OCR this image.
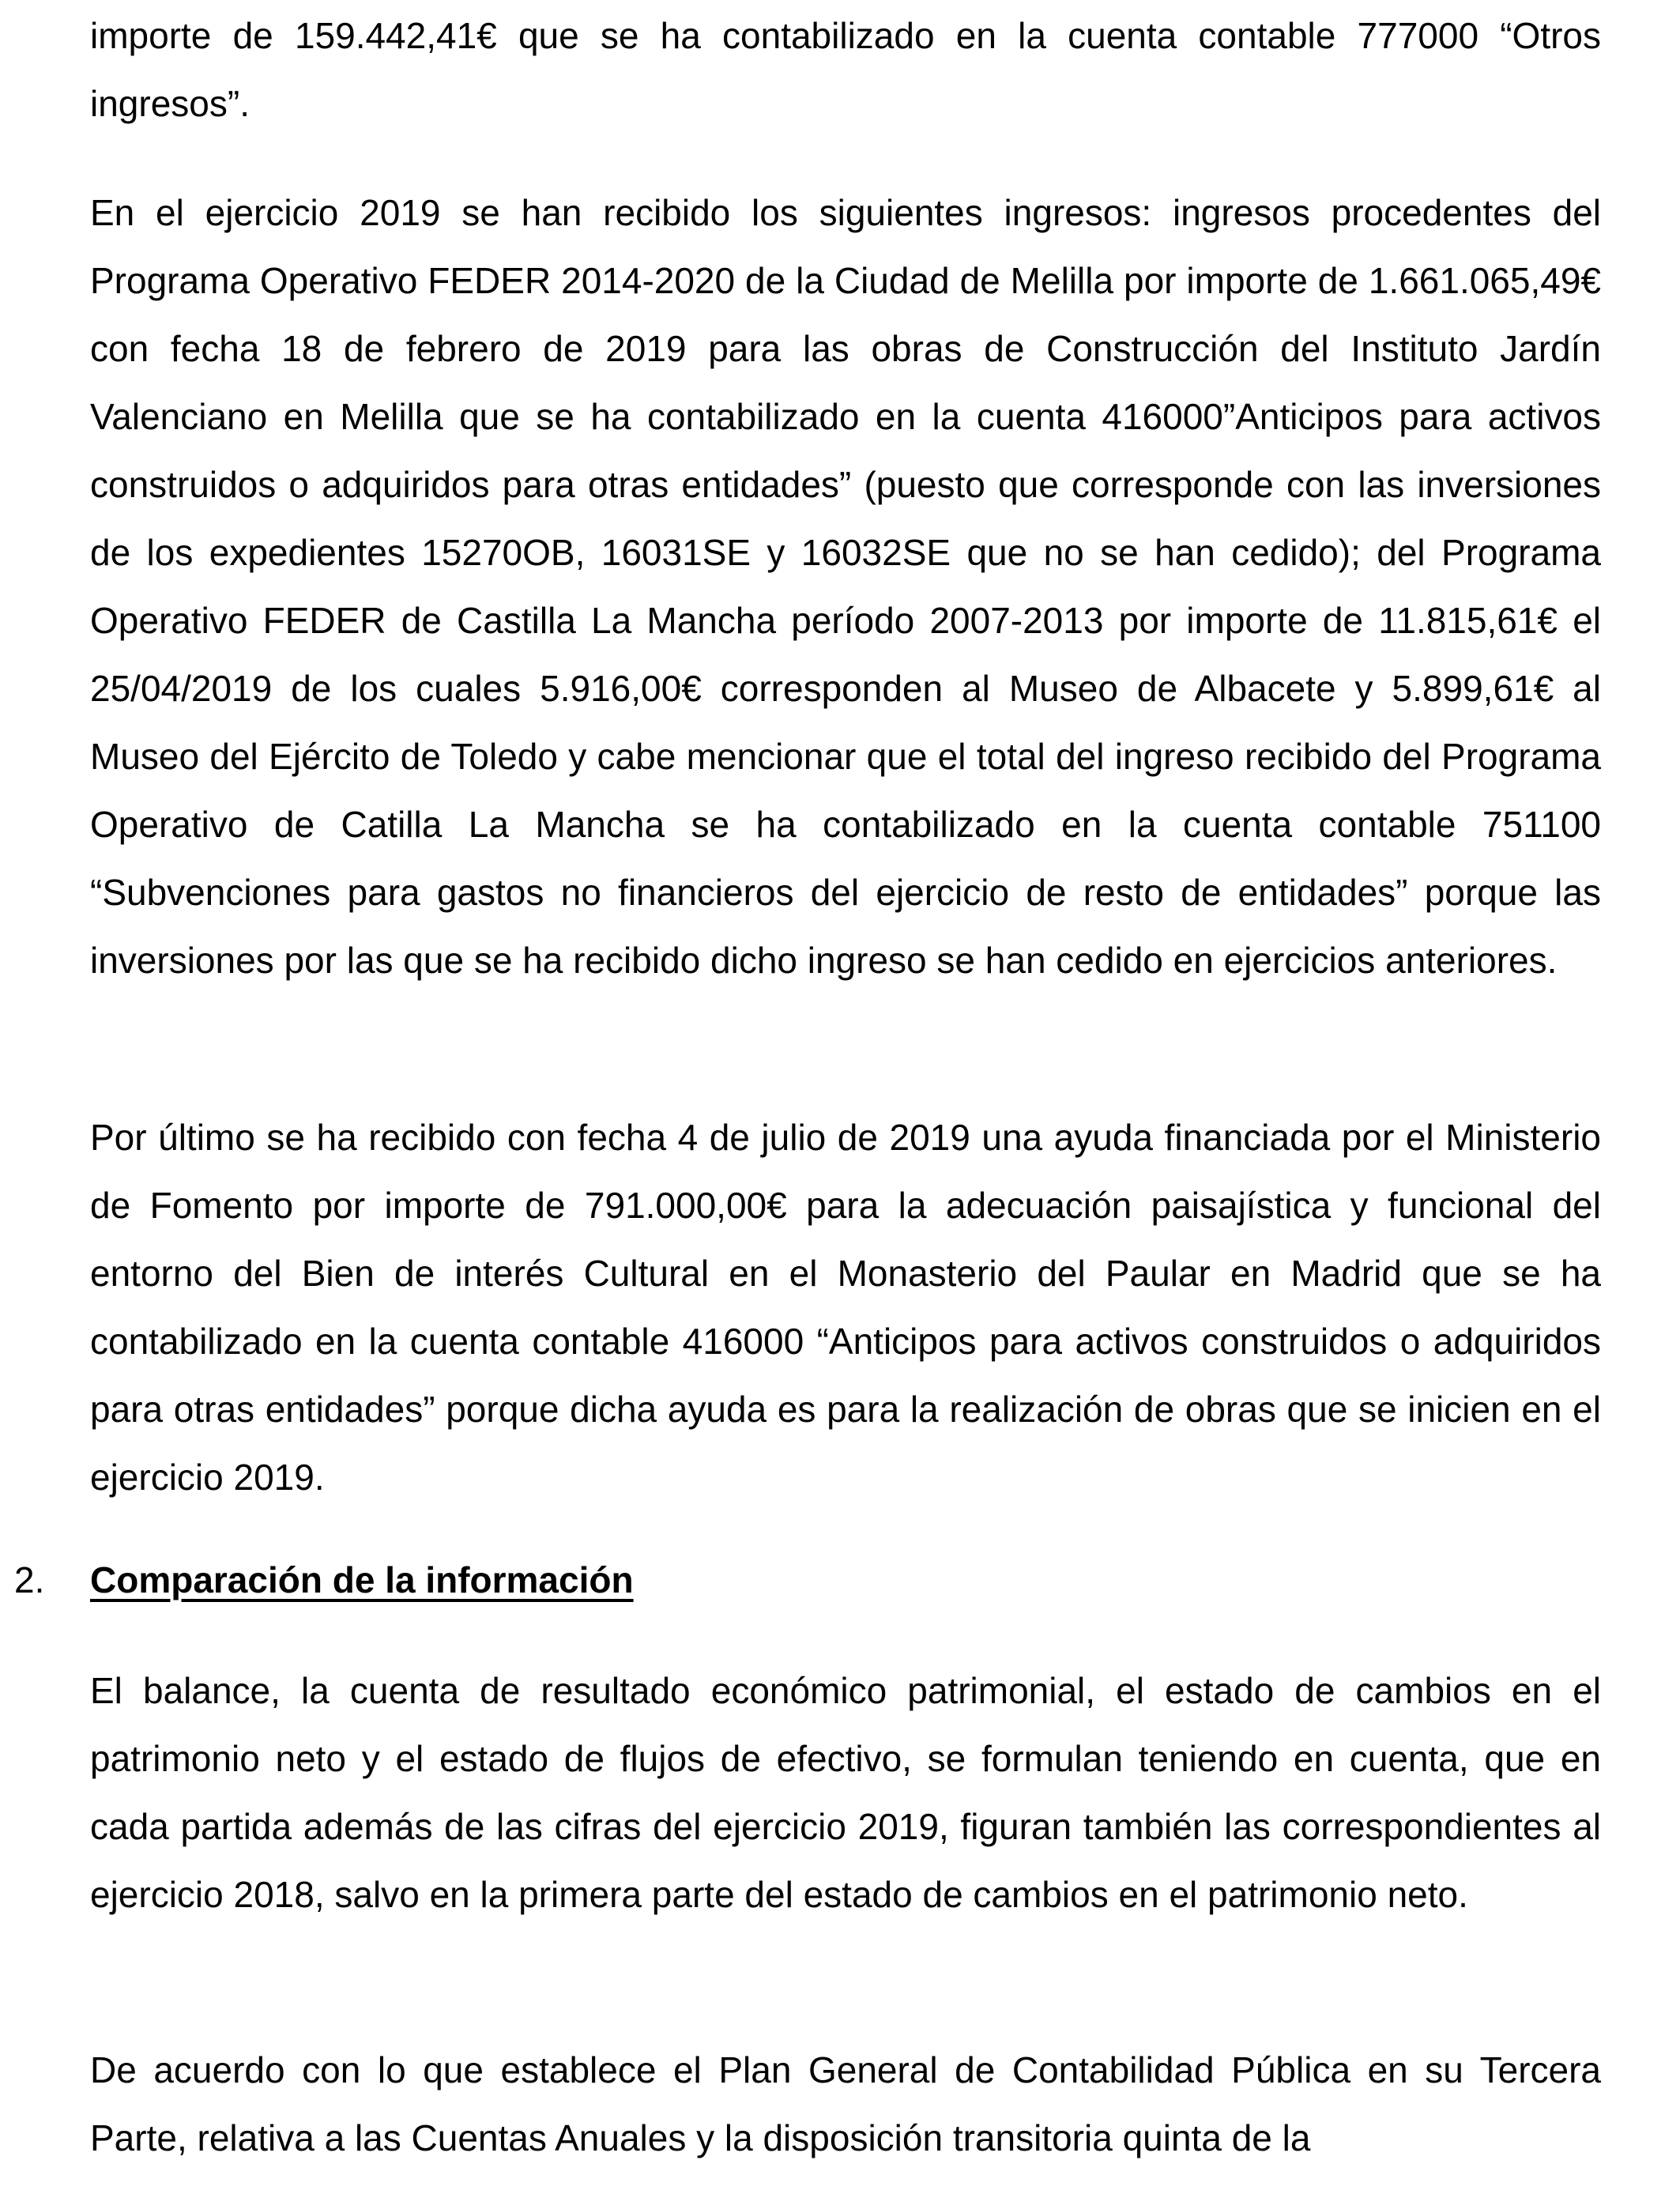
importe de 159.442,41€ que se ha contabilizado en la cuenta contable 777000 “Otros ingresos”.

En el ejercicio 2019 se han recibido los siguientes ingresos: ingresos procedentes del Programa Operativo FEDER 2014-2020 de la Ciudad de Melilla por importe de 1.661.065,49€ con fecha 18 de febrero de 2019 para las obras de Construcción del Instituto Jardín Valenciano en Melilla que se ha contabilizado en la cuenta 416000”Anticipos para activos construidos o adquiridos para otras entidades” (puesto que corresponde con las inversiones de los expedientes 15270OB, 16031SE y 16032SE que no se han cedido); del Programa Operativo FEDER de Castilla La Mancha período 2007-2013 por importe de 11.815,61€ el 25/04/2019 de los cuales 5.916,00€ corresponden al Museo de Albacete y 5.899,61€ al Museo del Ejército de Toledo y cabe mencionar que el total del ingreso recibido del Programa Operativo de Catilla La Mancha se ha contabilizado en la cuenta contable 751100 “Subvenciones para gastos no financieros del ejercicio de resto de entidades” porque las inversiones por las que se ha recibido dicho ingreso se han cedido en ejercicios anteriores.

Por último se ha recibido con fecha 4 de julio de 2019 una ayuda financiada por el Ministerio de Fomento por importe de 791.000,00€ para la adecuación paisajística y funcional del entorno del Bien de interés Cultural en el Monasterio del Paular en Madrid que se ha contabilizado en la cuenta contable 416000 “Anticipos para activos construidos o adquiridos para otras entidades” porque dicha ayuda es para la realización de obras que se inicien en el ejercicio 2019.

2. Comparación de la información

El balance, la cuenta de resultado económico patrimonial, el estado de cambios en el patrimonio neto y el estado de flujos de efectivo, se formulan teniendo en cuenta, que en cada partida además de las cifras del ejercicio 2019, figuran también las correspondientes al ejercicio 2018, salvo en la primera parte del estado de cambios en el patrimonio neto.

De acuerdo con lo que establece el Plan General de Contabilidad Pública en su Tercera Parte, relativa a las Cuentas Anuales y la disposición transitoria quinta de la
